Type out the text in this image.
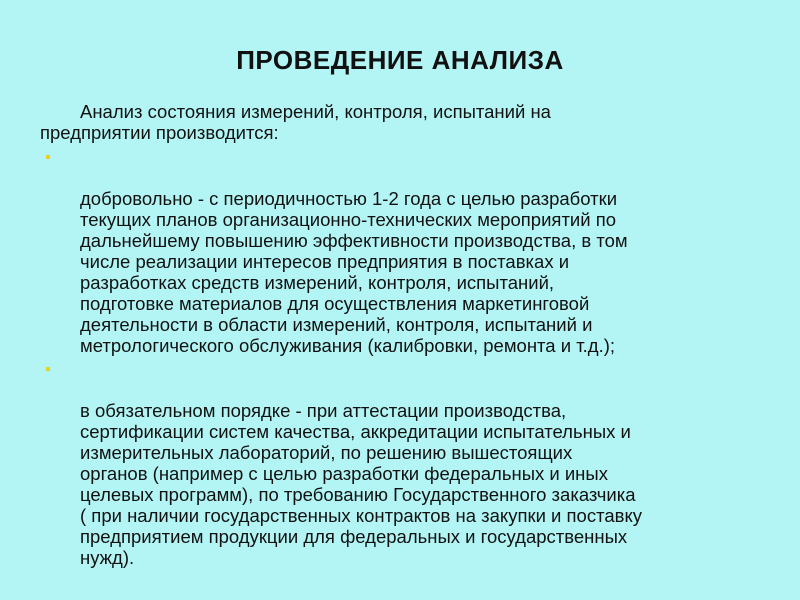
ПРОВЕДЕНИЕ АНАЛИЗА

Анализ состояния измерений, контроля, испытаний на
предприятии производится:

добровольно - с периодичностью 1-2 года с целью разработки
текущих планов организационно-технических мероприятий по
дальнейшему повышению эффективности производства, в том
числе реализации интересов предприятия в поставках и
разработках средств измерений, контроля, испытаний,
подготовке материалов для осуществления маркетинговой
деятельности в области измерений, контроля, испытаний и
метрологического обслуживания (калибровки, ремонта и т.д.);

в обязательном порядке - при аттестации производства,
сертификации систем качества, аккредитации испытательных и
измерительных лабораторий, по решению вышестоящих
органов (например с целью разработки федеральных и иных
целевых программ), по требованию Государственного заказчика
( при наличии государственных контрактов на закупки и поставку
предприятием продукции для федеральных и государственных
нужд).
